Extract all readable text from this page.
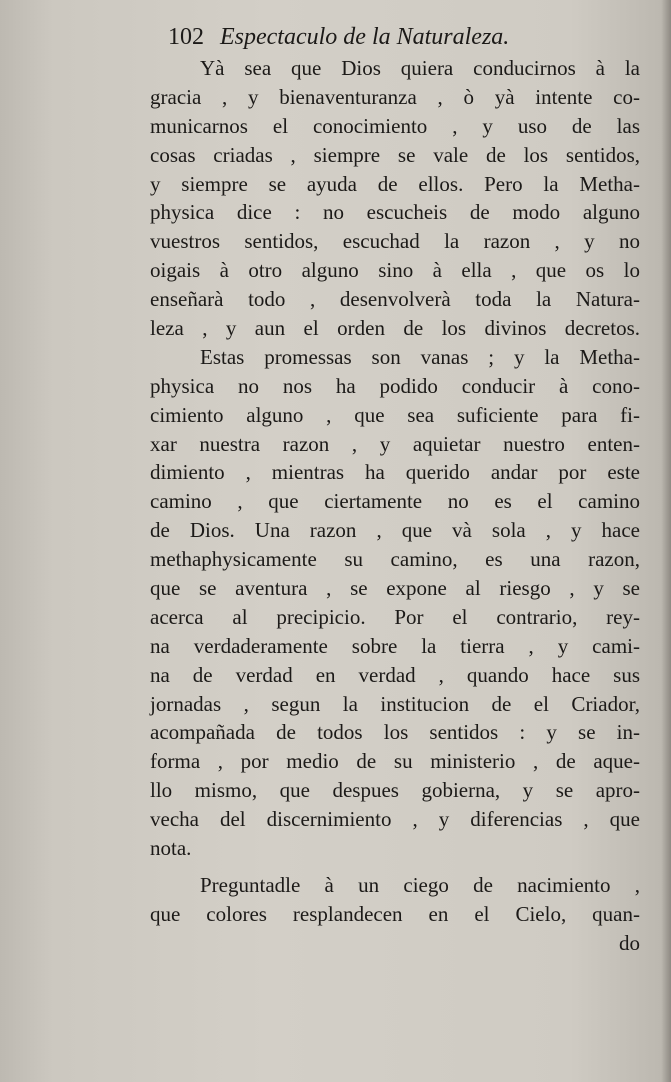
102 Espectaculo de la Naturaleza.
Yà sea que Dios quiera conducirnos à la
gracia , y bienaventuranza , ò yà intente co-
municarnos el conocimiento , y uso de las
cosas criadas , siempre se vale de los sentidos,
y siempre se ayuda de ellos. Pero la Metha-
physica dice : no escucheis de modo alguno
vuestros sentidos, escuchad la razon , y no
oigais à otro alguno sino à ella , que os lo
enseñarà todo , desenvolverà toda la Natura-
leza , y aun el orden de los divinos decretos.
Estas promessas son vanas ; y la Metha-
physica no nos ha podido conducir à cono-
cimiento alguno , que sea suficiente para fi-
xar nuestra razon , y aquietar nuestro enten-
dimiento , mientras ha querido andar por este
camino , que ciertamente no es el camino
de Dios. Una razon , que và sola , y hace
methaphysicamente su camino, es una razon,
que se aventura , se expone al riesgo , y se
acerca al precipicio. Por el contrario, rey-
na verdaderamente sobre la tierra , y cami-
na de verdad en verdad , quando hace sus
jornadas , segun la institucion de el Criador,
acompañada de todos los sentidos : y se in-
forma , por medio de su ministerio , de aque-
llo mismo, que despues gobierna, y se apro-
vecha del discernimiento , y diferencias , que
nota.
Preguntadle à un ciego de nacimiento ,
que colores resplandecen en el Cielo, quan-
do
